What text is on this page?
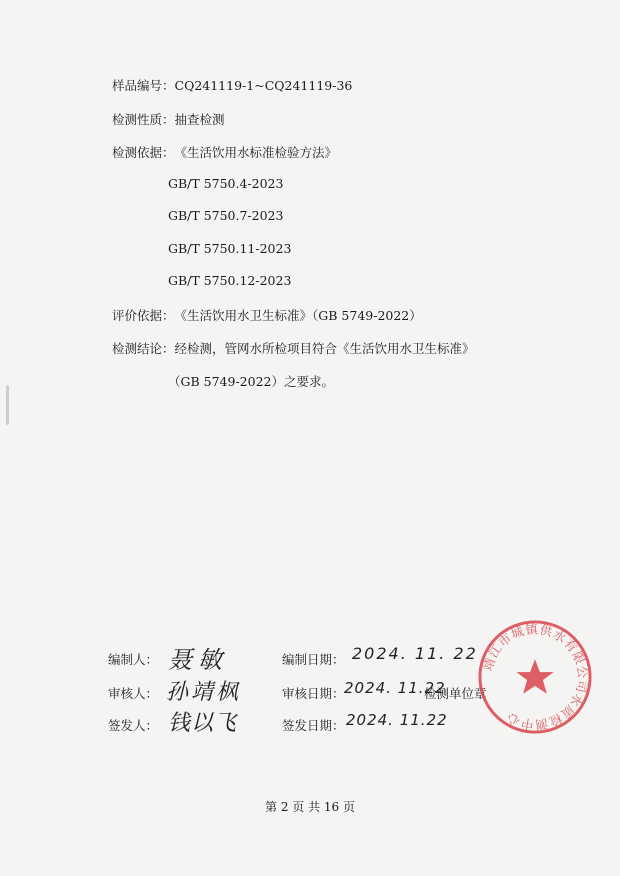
样品编号：CQ241119-1~CQ241119-36
检测性质：抽查检测
检测依据：《生活饮用水标准检验方法》
GB/T 5750.4-2023
GB/T 5750.7-2023
GB/T 5750.11-2023
GB/T 5750.12-2023
评价依据：《生活饮用水卫生标准》（GB 5749-2022）
检测结论：经检测，管网水所检项目符合《生活饮用水卫生标准》
（GB 5749-2022）之要求。
编制人： 聂敏	编制日期： 2024. 11. 22
审核人： 孙靖枫	审核日期： 2024. 11.22
检测单位章
签发人： 钱以飞	签发日期： 2024. 11.22
靖江市城镇供水有限公司水质检测中心
第 2 页 共 16 页
